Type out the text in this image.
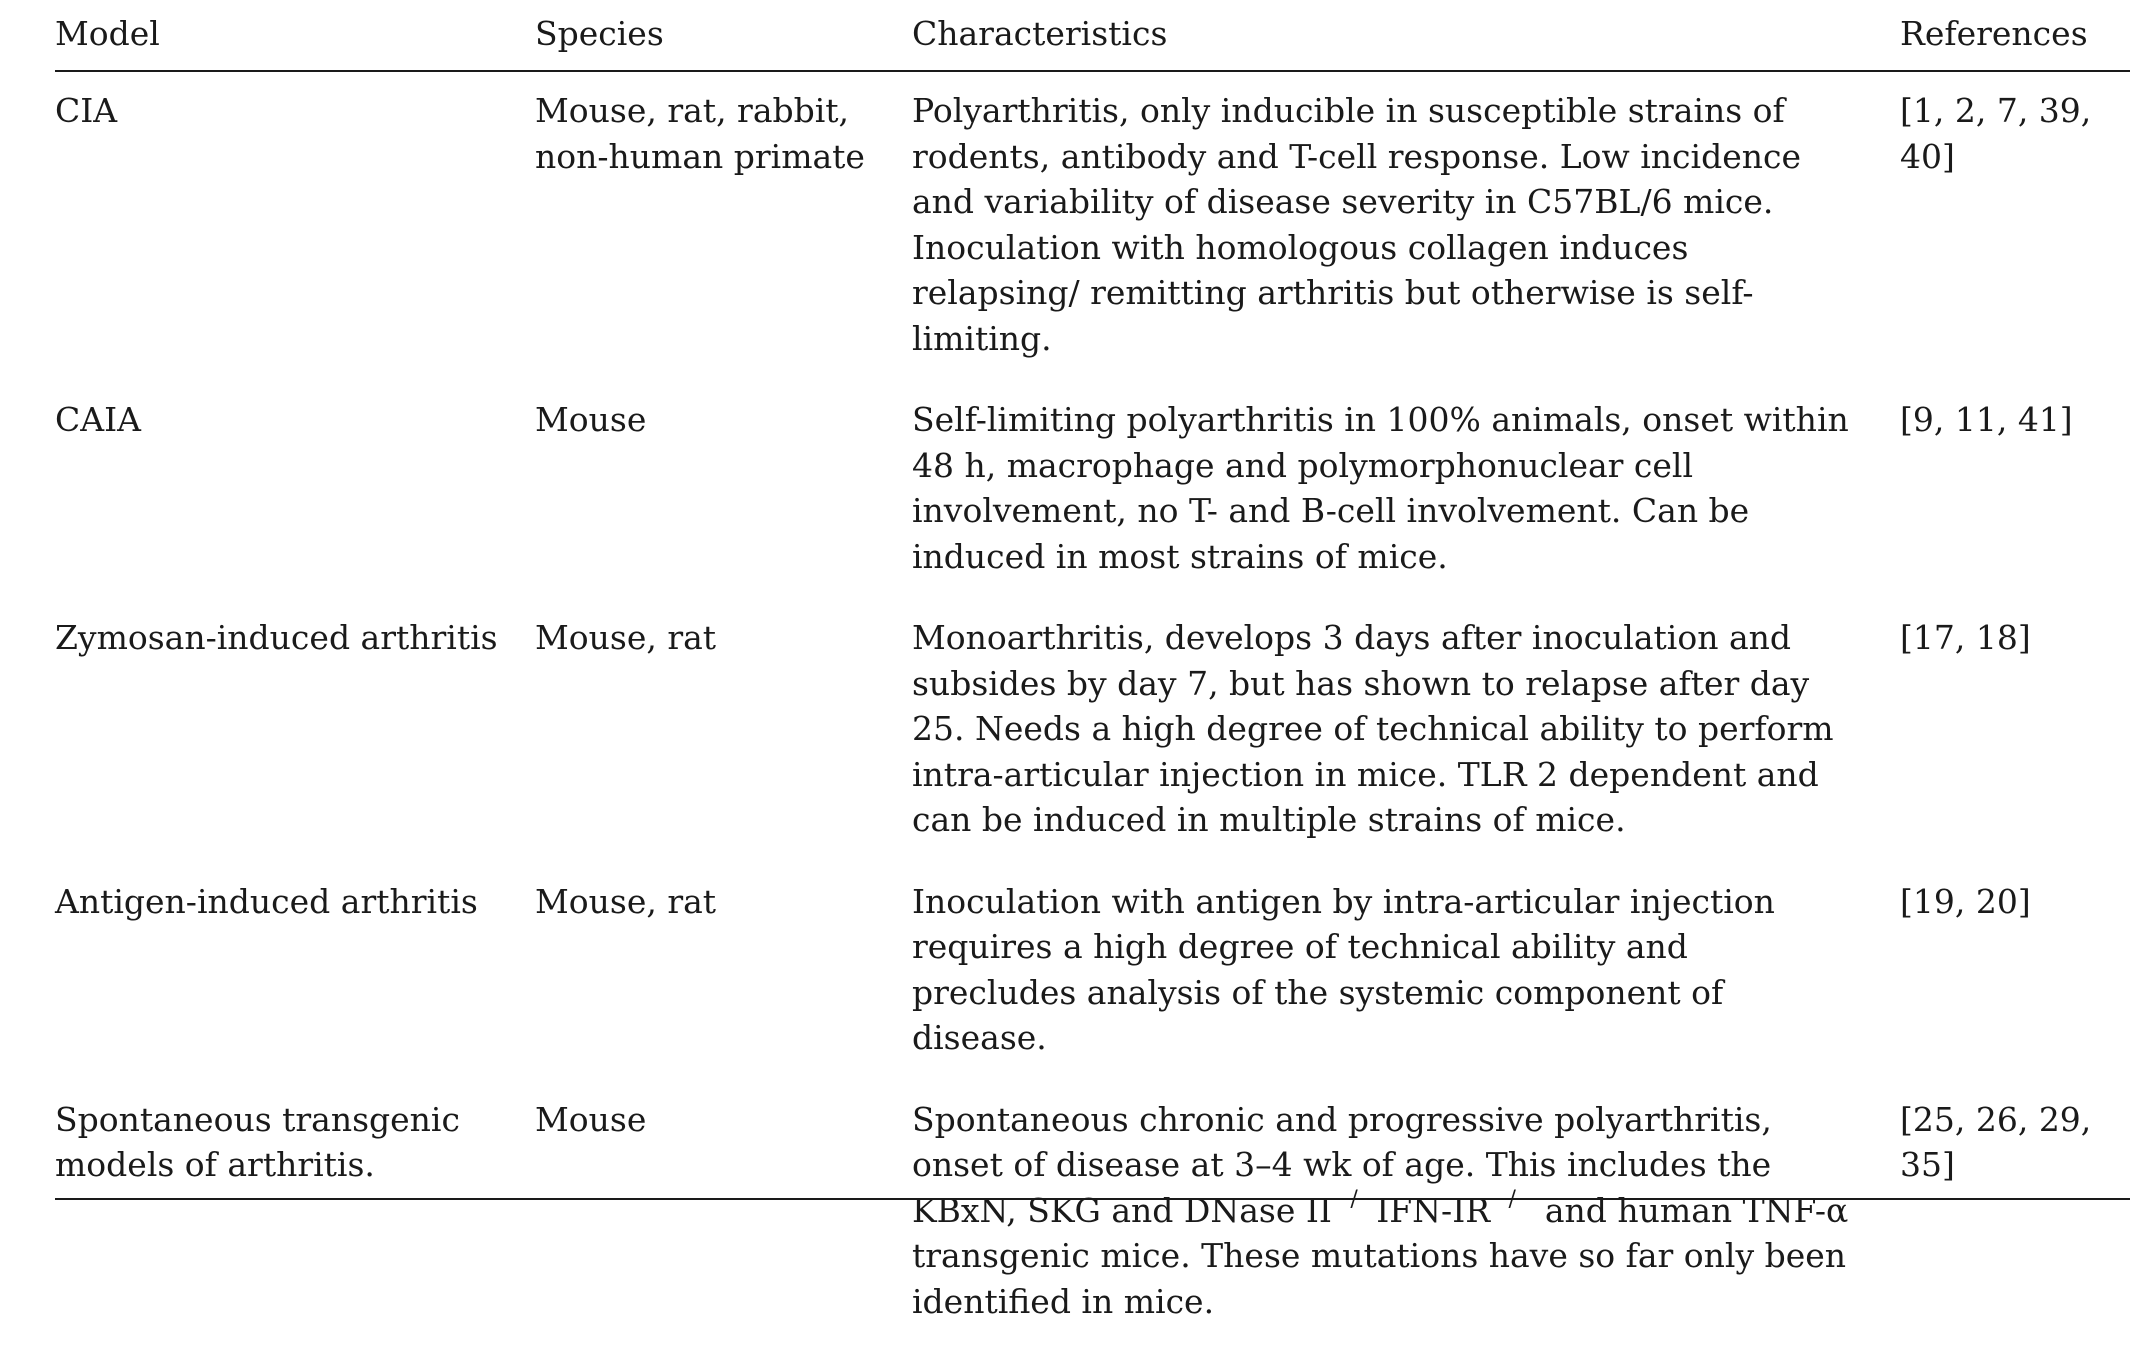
Model	Species	Characteristics	References
CIA	Mouse, rat, rabbit, non-human primate	Polyarthritis, only inducible in susceptible strains of rodents, antibody and T-cell response. Low incidence and variability of disease severity in C57BL/6 mice. Inoculation with homologous collagen induces relapsing/ remitting arthritis but otherwise is self-limiting.	[1, 2, 7, 39, 40]
CAIA	Mouse	Self-limiting polyarthritis in 100% animals, onset within 48 h, macrophage and polymorphonuclear cell involvement, no T- and B-cell involvement. Can be induced in most strains of mice.	[9, 11, 41]
Zymosan-induced arthritis	Mouse, rat	Monoarthritis, develops 3 days after inoculation and subsides by day 7, but has shown to relapse after day 25. Needs a high degree of technical ability to perform intra-articular injection in mice. TLR 2 dependent and can be induced in multiple strains of mice.	[17, 18]
Antigen-induced arthritis	Mouse, rat	Inoculation with antigen by intra-articular injection requires a high degree of technical ability and precludes analysis of the systemic component of disease.	[19, 20]
Spontaneous transgenic models of arthritis.	Mouse	Spontaneous chronic and progressive polyarthritis, onset of disease at 3–4 wk of age. This includes the KBxN, SKG and DNase II−/−IFN-IR−/− and human TNF-α transgenic mice. These mutations have so far only been identified in mice.	[25, 26, 29, 35]
